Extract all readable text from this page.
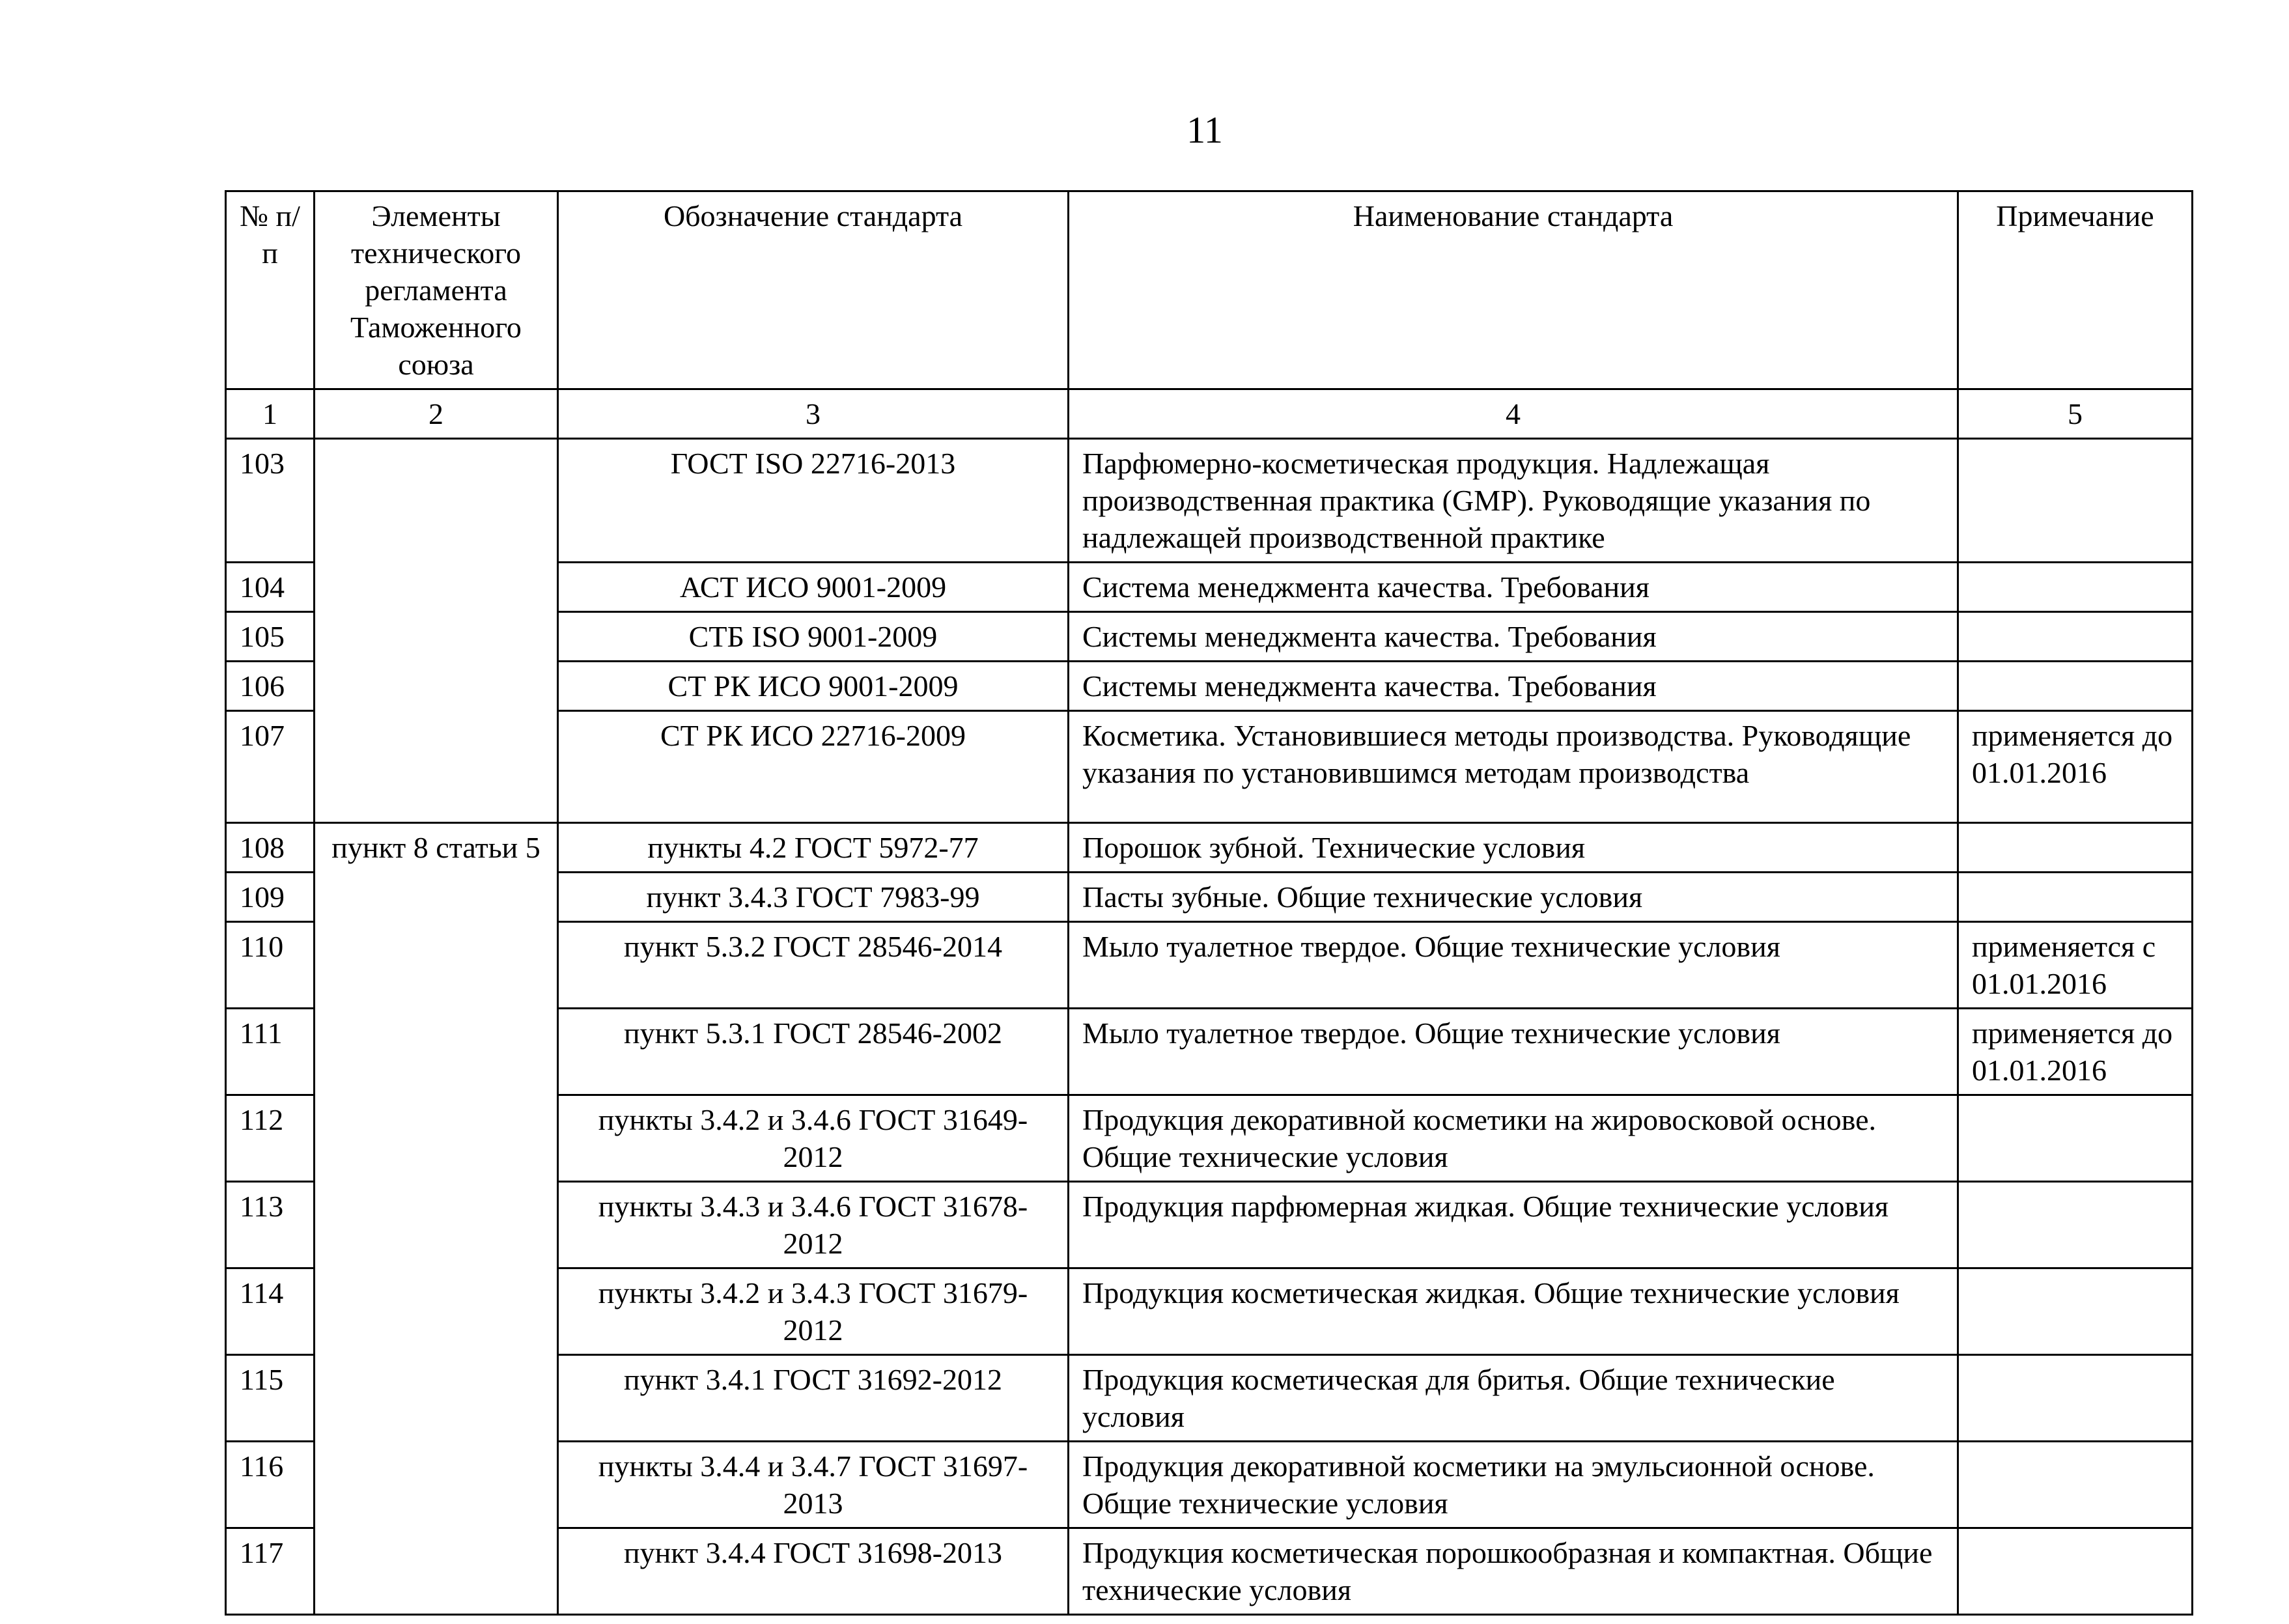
11
№ п/п	Элементы технического регламента Таможенного союза	Обозначение стандарта	Наименование стандарта	Примечание
1	2	3	4	5
103		ГОСТ ISO 22716-2013	Парфюмерно-косметическая продукция. Надлежащая производственная практика (GMP). Руководящие указания по надлежащей производственной практике	
104		АСТ ИСО 9001-2009	Система менеджмента качества. Требования	
105		СТБ ISO 9001-2009	Системы менеджмента качества. Требования	
106		СТ РК ИСО 9001-2009	Системы менеджмента качества. Требования	
107		СТ РК ИСО 22716-2009	Косметика. Установившиеся методы производства. Руководящие указания по установившимся методам производства	применяется до 01.01.2016
108	пункт 8 статьи 5	пункты 4.2 ГОСТ 5972-77	Порошок зубной. Технические условия	
109		пункт 3.4.3 ГОСТ 7983-99	Пасты зубные. Общие технические условия	
110		пункт 5.3.2 ГОСТ 28546-2014	Мыло туалетное твердое. Общие технические условия	применяется с 01.01.2016
111		пункт 5.3.1 ГОСТ 28546-2002	Мыло туалетное твердое. Общие технические условия	применяется до 01.01.2016
112		пункты 3.4.2 и 3.4.6 ГОСТ 31649-2012	Продукция декоративной косметики на жировосковой основе. Общие технические условия	
113		пункты 3.4.3 и 3.4.6 ГОСТ 31678-2012	Продукция парфюмерная жидкая. Общие технические условия	
114		пункты 3.4.2 и 3.4.3 ГОСТ 31679-2012	Продукция косметическая жидкая. Общие технические условия	
115		пункт 3.4.1 ГОСТ 31692-2012	Продукция косметическая для бритья. Общие технические условия	
116		пункты 3.4.4 и 3.4.7 ГОСТ 31697-2013	Продукция декоративной косметики на эмульсионной основе. Общие технические условия	
117		пункт 3.4.4 ГОСТ 31698-2013	Продукция косметическая порошкообразная и компактная. Общие технические условия	
